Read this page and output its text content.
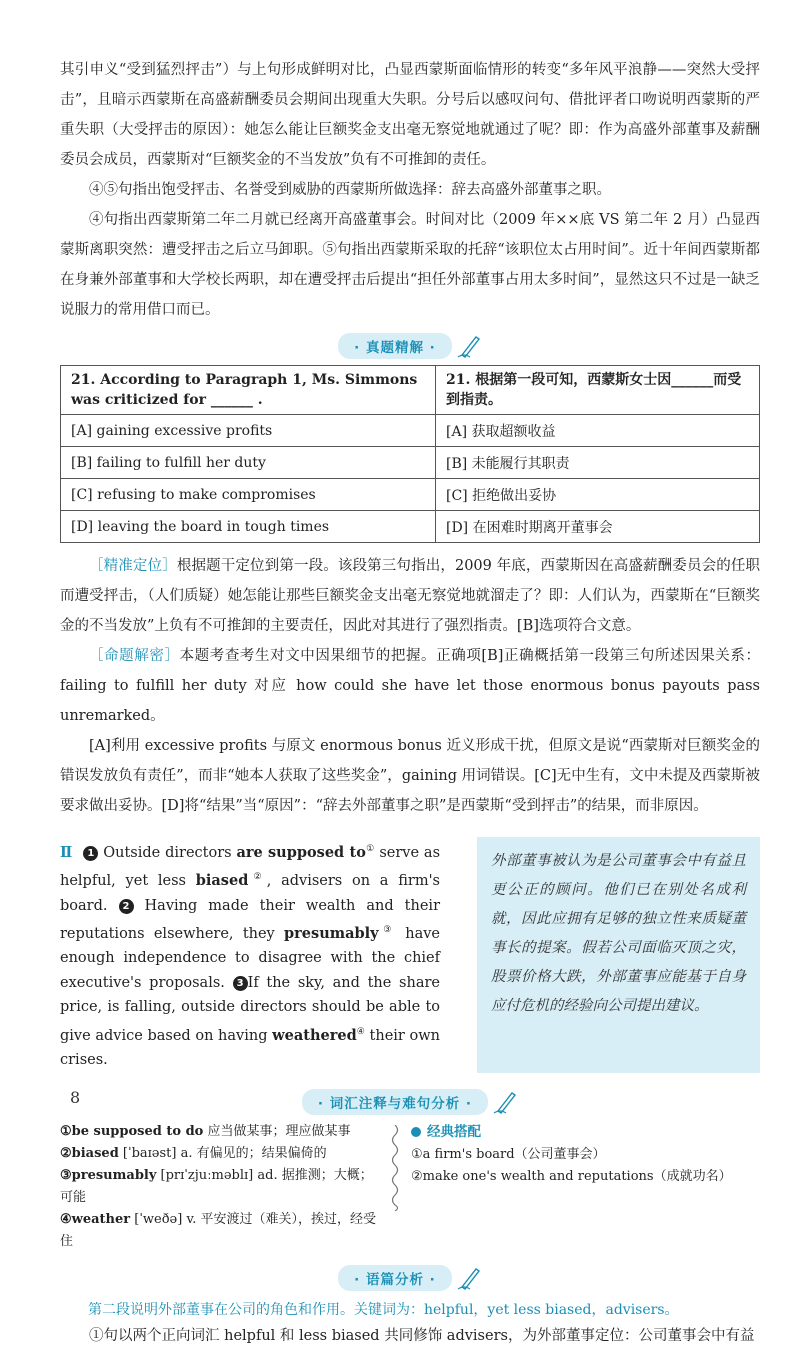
其引申义“受到猛烈抨击”）与上句形成鲜明对比，凸显西蒙斯面临情形的转变“多年风平浪静——突然大受抨击”，且暗示西蒙斯在高盛薪酬委员会期间出现重大失职。分号后以感叹问句、借批评者口吻说明西蒙斯的严重失职（大受抨击的原因）：她怎么能让巨额奖金支出毫无察觉地就通过了呢？即：作为高盛外部董事及薪酬委员会成员，西蒙斯对“巨额奖金的不当发放”负有不可推卸的责任。

④⑤句指出饱受抨击、名誉受到威胁的西蒙斯所做选择：辞去高盛外部董事之职。

④句指出西蒙斯第二年二月就已经离开高盛董事会。时间对比（2009 年××底 VS 第二年 2 月）凸显西蒙斯离职突然：遭受抨击之后立马卸职。⑤句指出西蒙斯采取的托辞“该职位太占用时间”。近十年间西蒙斯都在身兼外部董事和大学校长两职，却在遭受抨击后提出“担任外部董事占用太多时间”，显然这只不过是一缺乏说服力的常用借口而已。

· 真题精解 ·
21. According to Paragraph 1, Ms. Simmons was criticized for ______ .	21. 根据第一段可知，西蒙斯女士因______而受到指责。
[A] gaining excessive profits	[A] 获取超额收益
[B] failing to fulfill her duty	[B] 未能履行其职责
[C] refusing to make compromises	[C] 拒绝做出妥协
[D] leaving the board in tough times	[D] 在困难时期离开董事会

［精准定位］根据题干定位到第一段。该段第三句指出，2009 年底，西蒙斯因在高盛薪酬委员会的任职而遭受抨击，（人们质疑）她怎能让那些巨额奖金支出毫无察觉地就溜走了？即：人们认为，西蒙斯在“巨额奖金的不当发放”上负有不可推卸的主要责任，因此对其进行了强烈指责。[B]选项符合文意。

［命题解密］本题考查考生对文中因果细节的把握。正确项[B]正确概括第一段第三句所述因果关系：failing to fulfill her duty 对应 how could she have let those enormous bonus payouts pass unremarked。

[A]利用 excessive profits 与原文 enormous bonus 近义形成干扰，但原文是说“西蒙斯对巨额奖金的错误发放负有责任”，而非“她本人获取了这些奖金”，gaining 用词错误。[C]无中生有，文中未提及西蒙斯被要求做出妥协。[D]将“结果”当“原因”：“辞去外部董事之职”是西蒙斯“受到抨击”的结果，而非原因。

Ⅱ 1 Outside directors are supposed to① serve as helpful, yet less biased②, advisers on a firm's board. 2 Having made their wealth and their reputations elsewhere, they presumably③ have enough independence to disagree with the chief executive's proposals. 3 If the sky, and the share price, is falling, outside directors should be able to give advice based on having weathered④ their own crises.
外部董事被认为是公司董事会中有益且更公正的顾问。他们已在别处名成利就，因此应拥有足够的独立性来质疑董事长的提案。假若公司面临灭顶之灾，股票价格大跌，外部董事应能基于自身应付危机的经验向公司提出建议。
· 词汇注释与难句分析 ·
①be supposed to do 应当做某事；理应做某事
②biased [ˈbaɪəst] a. 有偏见的；结果偏倚的
③presumably [prɪˈzjuːməblɪ] ad. 据推测；大概；可能
④weather [ˈweðə] v. 平安渡过（难关），挨过，经受住
经典搭配
①a firm's board（公司董事会）
②make one's wealth and reputations（成就功名）
· 语篇分析 ·

第二段说明外部董事在公司的角色和作用。关键词为：helpful，yet less biased，advisers。

①句以两个正向词汇 helpful 和 less biased 共同修饰 advisers，为外部董事定位：公司董事会中有益

8
